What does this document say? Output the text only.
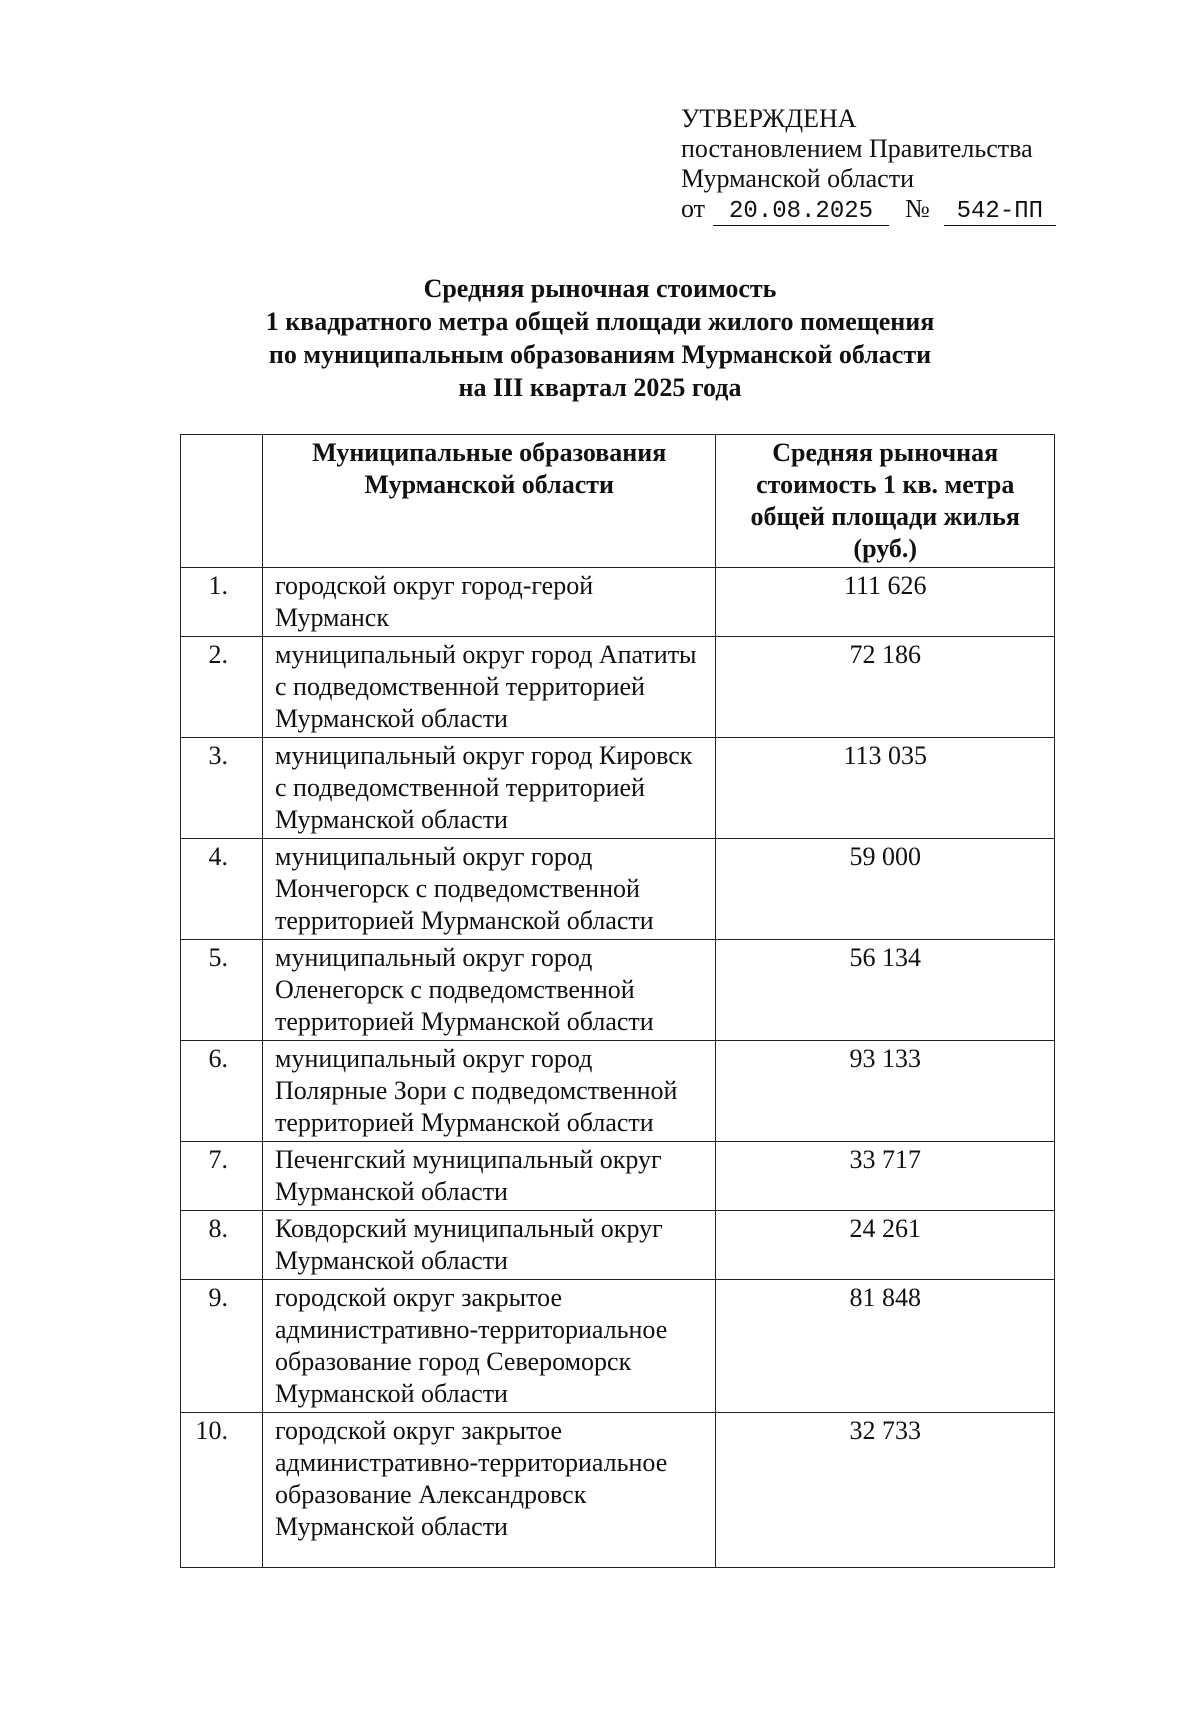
УТВЕРЖДЕНА
постановлением Правительства
Мурманской области
от 20.08.2025 № 542-ПП
Средняя рыночная стоимость
1 квадратного метра общей площади жилого помещения
по муниципальным образованиям Мурманской области
на III квартал 2025 года
	Муниципальные образования Мурманской области	Средняя рыночная стоимость 1 кв. метра общей площади жилья (руб.)
1.	городской округ город-герой Мурманск	111 626
2.	муниципальный округ город Апатиты с подведомственной территорией Мурманской области	72 186
3.	муниципальный округ город Кировск с подведомственной территорией Мурманской области	113 035
4.	муниципальный округ город Мончегорск с подведомственной территорией Мурманской области	59 000
5.	муниципальный округ город Оленегорск с подведомственной территорией Мурманской области	56 134
6.	муниципальный округ город Полярные Зори с подведомственной территорией Мурманской области	93 133
7.	Печенгский муниципальный округ Мурманской области	33 717
8.	Ковдорский муниципальный округ Мурманской области	24 261
9.	городской округ закрытое административно-территориальное образование город Североморск Мурманской области	81 848
10.	городской округ закрытое административно-территориальное образование Александровск Мурманской области	32 733
